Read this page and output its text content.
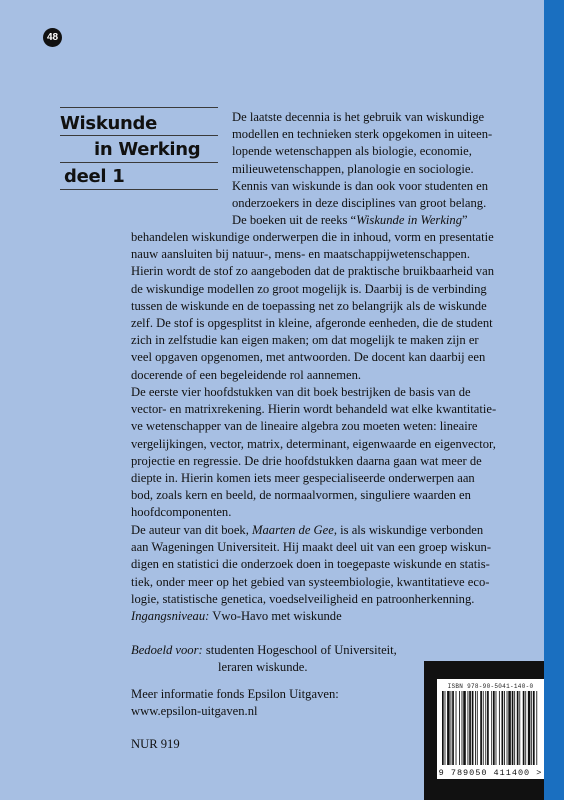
48
Wiskunde
in Werking
deel 1
De laatste decennia is het gebruik van wiskundige
modellen en technieken sterk opgekomen in uiteen-
lopende wetenschappen als biologie, economie,
milieuwetenschappen, planologie en sociologie.
Kennis van wiskunde is dan ook voor studenten en
onderzoekers in deze disciplines van groot belang.
De boeken uit de reeks “Wiskunde in Werking”
behandelen wiskundige onderwerpen die in inhoud, vorm en presentatie
nauw aansluiten bij natuur-, mens- en maatschappijwetenschappen.
Hierin wordt de stof zo aangeboden dat de praktische bruikbaarheid van
de wiskundige modellen zo groot mogelijk is. Daarbij is de verbinding
tussen de wiskunde en de toepassing net zo belangrijk als de wiskunde
zelf. De stof is opgesplitst in kleine, afgeronde eenheden, die de student
zich in zelfstudie kan eigen maken; om dat mogelijk te maken zijn er
veel opgaven opgenomen, met antwoorden. De docent kan daarbij een
docerende of een begeleidende rol aannemen.
De eerste vier hoofdstukken van dit boek bestrijken de basis van de
vector- en matrixrekening. Hierin wordt behandeld wat elke kwantitatie-
ve wetenschapper van de lineaire algebra zou moeten weten: lineaire
vergelijkingen, vector, matrix, determinant, eigenwaarde en eigenvector,
projectie en regressie. De drie hoofdstukken daarna gaan wat meer de
diepte in. Hierin komen iets meer gespecialiseerde onderwerpen aan
bod, zoals kern en beeld, de normaalvormen, singuliere waarden en
hoofdcomponenten.
De auteur van dit boek, Maarten de Gee, is als wiskundige verbonden
aan Wageningen Universiteit. Hij maakt deel uit van een groep wiskun-
digen en statistici die onderzoek doen in toegepaste wiskunde en statis-
tiek, onder meer op het gebied van systeembiologie, kwantitatieve eco-
logie, statistische genetica, voedselveiligheid en patroonherkenning.
Ingangsniveau: Vwo-Havo met wiskunde
Bedoeld voor: studenten Hogeschool of Universiteit,
leraren wiskunde.
Meer informatie fonds Epsilon Uitgaven:
www.epsilon-uitgaven.nl
NUR 919
ISBN 978-90-5041-140-0
9 789050 411400 >
